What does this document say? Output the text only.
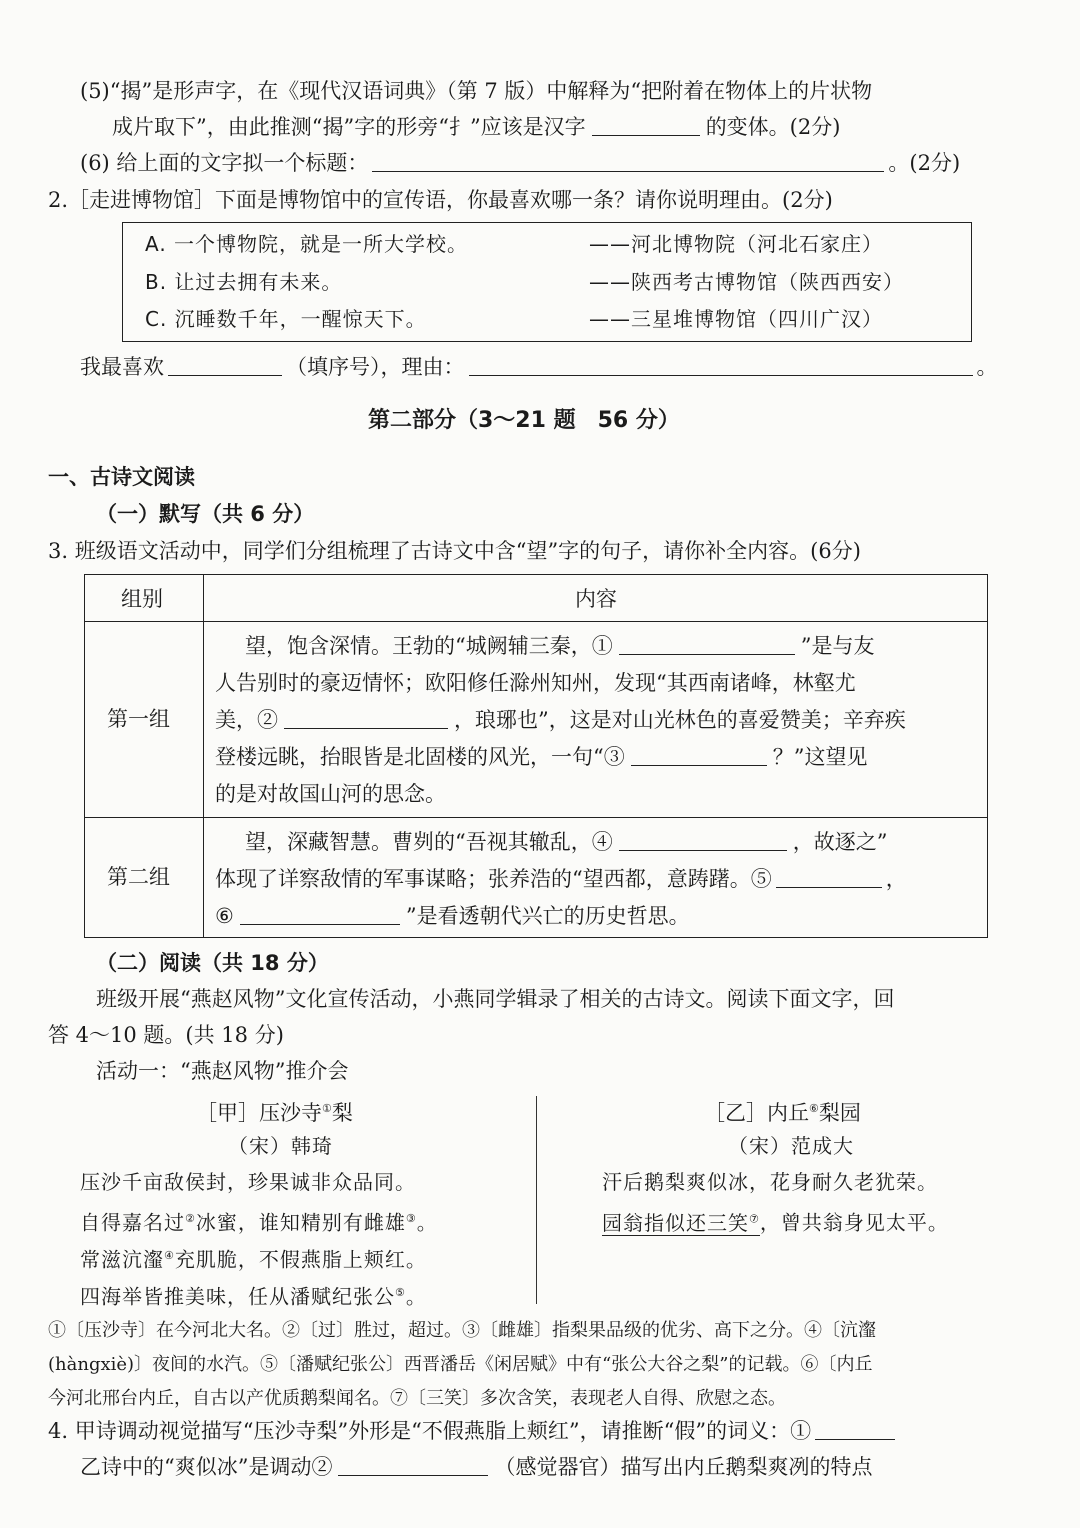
(5)“揭”是形声字，在《现代汉语词典》（第 7 版）中解释为“把附着在物体上的片状物
成片取下”，由此推测“揭”字的形旁“扌”应该是汉字	的变体。(2分)
(6) 给上面的文字拟一个标题：	。(2分)
2.［走进博物馆］下面是博物馆中的宣传语，你最喜欢哪一条？请你说明理由。(2分)
A. 一个博物院，就是一所大学校。	——河北博物院（河北石家庄）
B. 让过去拥有未来。	——陕西考古博物馆（陕西西安）
C. 沉睡数千年，一醒惊天下。	——三星堆博物馆（四川广汉）
我最喜欢	（填序号），理由：	。
第二部分（3～21 题　56 分）
一、古诗文阅读
（一）默写（共 6 分）
3. 班级语文活动中，同学们分组梳理了古诗文中含“望”字的句子，请你补全内容。(6分)
组别	内容
第一组
望，饱含深情。王勃的“城阙辅三秦，①	”是与友
人告别时的豪迈情怀；欧阳修任滁州知州，发现“其西南诸峰，林壑尤
美，②	，琅琊也”，这是对山光林色的喜爱赞美；辛弃疾
登楼远眺，抬眼皆是北固楼的风光，一句“③	？”这望见
的是对故国山河的思念。
第二组
望，深藏智慧。曹刿的“吾视其辙乱，④	，故逐之”
体现了详察敌情的军事谋略；张养浩的“望西都，意踌躇。⑤	，
⑥	”是看透朝代兴亡的历史哲思。
（二）阅读（共 18 分）
班级开展“燕赵风物”文化宣传活动，小燕同学辑录了相关的古诗文。阅读下面文字，回
答 4～10 题。(共 18 分)
活动一：“燕赵风物”推介会
［甲］压沙寺①梨
（宋）韩琦
压沙千亩敌侯封，珍果诚非众品同。
自得嘉名过②冰蜜，谁知精别有雌雄③。
常滋沆瀣④充肌脆，不假燕脂上颊红。
四海举皆推美味，任从潘赋纪张公⑤。
［乙］内丘⑥梨园
（宋）范成大
汗后鹅梨爽似冰，花身耐久老犹荣。
园翁指似还三笑⑦，曾共翁身见太平。
①〔压沙寺〕在今河北大名。②〔过〕胜过，超过。③〔雌雄〕指梨果品级的优劣、高下之分。④〔沆瀣
(hàngxiè)〕夜间的水汽。⑤〔潘赋纪张公〕西晋潘岳《闲居赋》中有“张公大谷之梨”的记载。⑥〔内丘
今河北邢台内丘，自古以产优质鹅梨闻名。⑦〔三笑〕多次含笑，表现老人自得、欣慰之态。
4. 甲诗调动视觉描写“压沙寺梨”外形是“不假燕脂上颊红”，请推断“假”的词义：①
乙诗中的“爽似冰”是调动②	（感觉器官）描写出内丘鹅梨爽冽的特点
